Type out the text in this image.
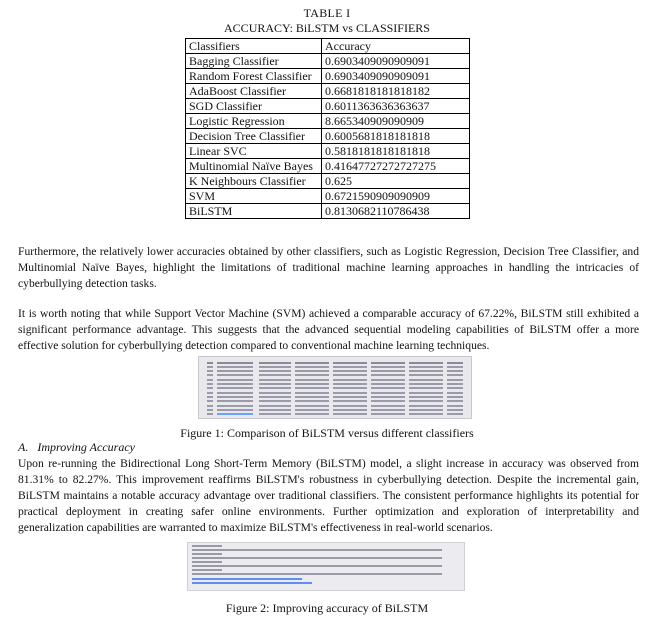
TABLE I
ACCURACY: BiLSTM vs CLASSIFIERS
Classifiers	Accuracy
Bagging Classifier	0.6903409090909091
Random Forest Classifier	0.6903409090909091
AdaBoost Classifier	0.6681818181818182
SGD Classifier	0.6011363636363637
Logistic Regression	8.665340909090909
Decision Tree Classifier	0.6005681818181818
Linear SVC	0.5818181818181818
Multinomial Naïve Bayes	0.41647727272727275
K Neighbours Classifier	0.625
SVM	0.6721590909090909
BiLSTM	0.8130682110786438

Furthermore, the relatively lower accuracies obtained by other classifiers, such as Logistic Regression, Decision Tree Classifier, and Multinomial Naïve Bayes, highlight the limitations of traditional machine learning approaches in handling the intricacies of cyberbullying detection tasks.

It is worth noting that while Support Vector Machine (SVM) achieved a comparable accuracy of 67.22%, BiLSTM still exhibited a significant performance advantage. This suggests that the advanced sequential modeling capabilities of BiLSTM offer a more effective solution for cyberbullying detection compared to conventional machine learning techniques.

Figure 1: Comparison of BiLSTM versus different classifiers
A. Improving Accuracy

Upon re-running the Bidirectional Long Short-Term Memory (BiLSTM) model, a slight increase in accuracy was observed from 81.31% to 82.27%. This improvement reaffirms BiLSTM's robustness in cyberbullying detection. Despite the incremental gain, BiLSTM maintains a notable accuracy advantage over traditional classifiers. The consistent performance highlights its potential for practical deployment in creating safer online environments. Further optimization and exploration of interpretability and generalization capabilities are warranted to maximize BiLSTM's effectiveness in real-world scenarios.

Figure 2: Improving accuracy of BiLSTM
